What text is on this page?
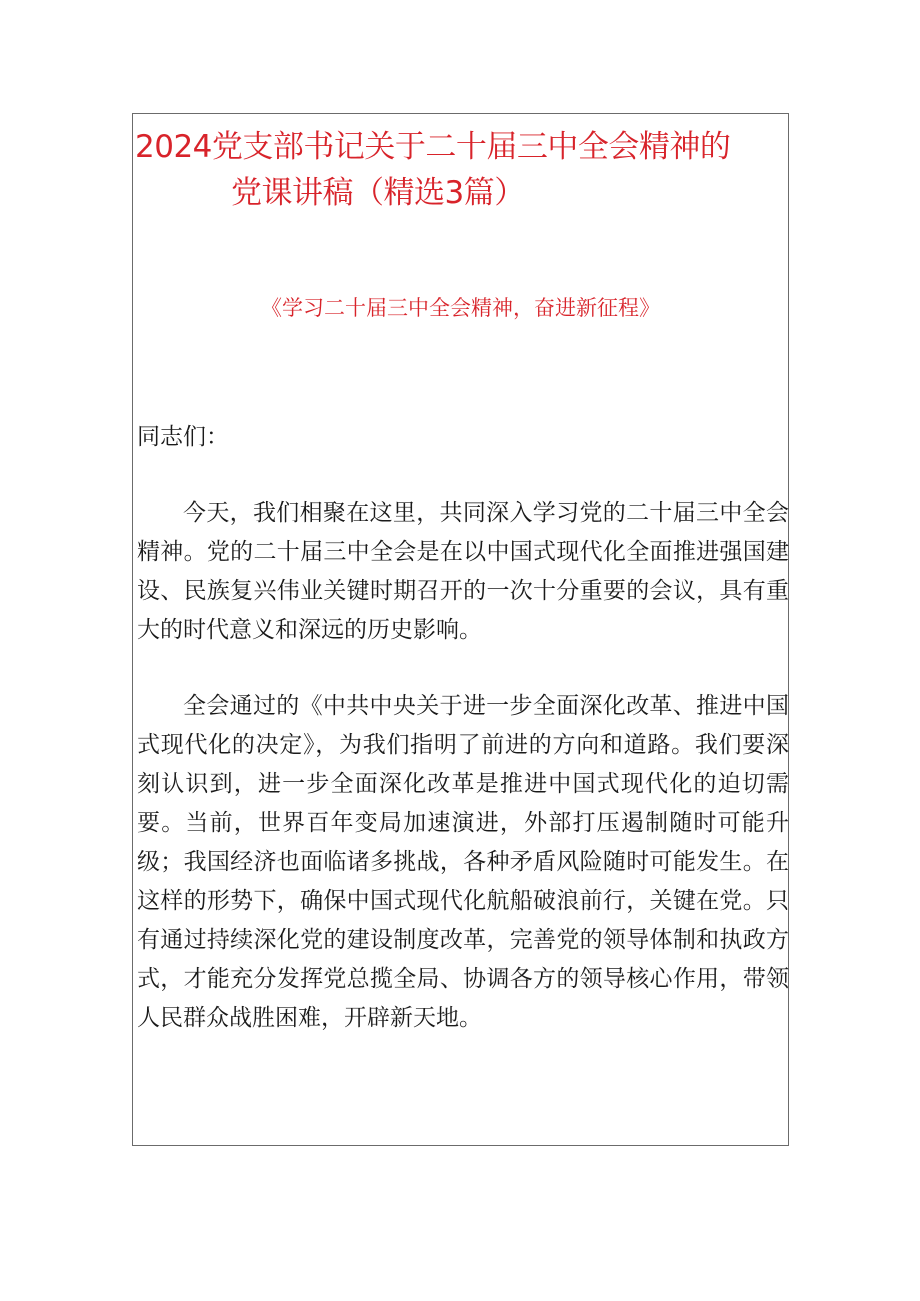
2024党支部书记关于二十届三中全会精神的
党课讲稿（精选3篇）
《学习二十届三中全会精神，奋进新征程》

同志们：

今天，我们相聚在这里，共同深入学习党的二十届三中全会精神。党的二十届三中全会是在以中国式现代化全面推进强国建设、民族复兴伟业关键时期召开的一次十分重要的会议，具有重大的时代意义和深远的历史影响。

全会通过的《中共中央关于进一步全面深化改革、推进中国式现代化的决定》，为我们指明了前进的方向和道路。我们要深刻认识到，进一步全面深化改革是推进中国式现代化的迫切需要。当前，世界百年变局加速演进，外部打压遏制随时可能升级；我国经济也面临诸多挑战，各种矛盾风险随时可能发生。在这样的形势下，确保中国式现代化航船破浪前行，关键在党。只有通过持续深化党的建设制度改革，完善党的领导体制和执政方式，才能充分发挥党总揽全局、协调各方的领导核心作用，带领人民群众战胜困难，开辟新天地。
